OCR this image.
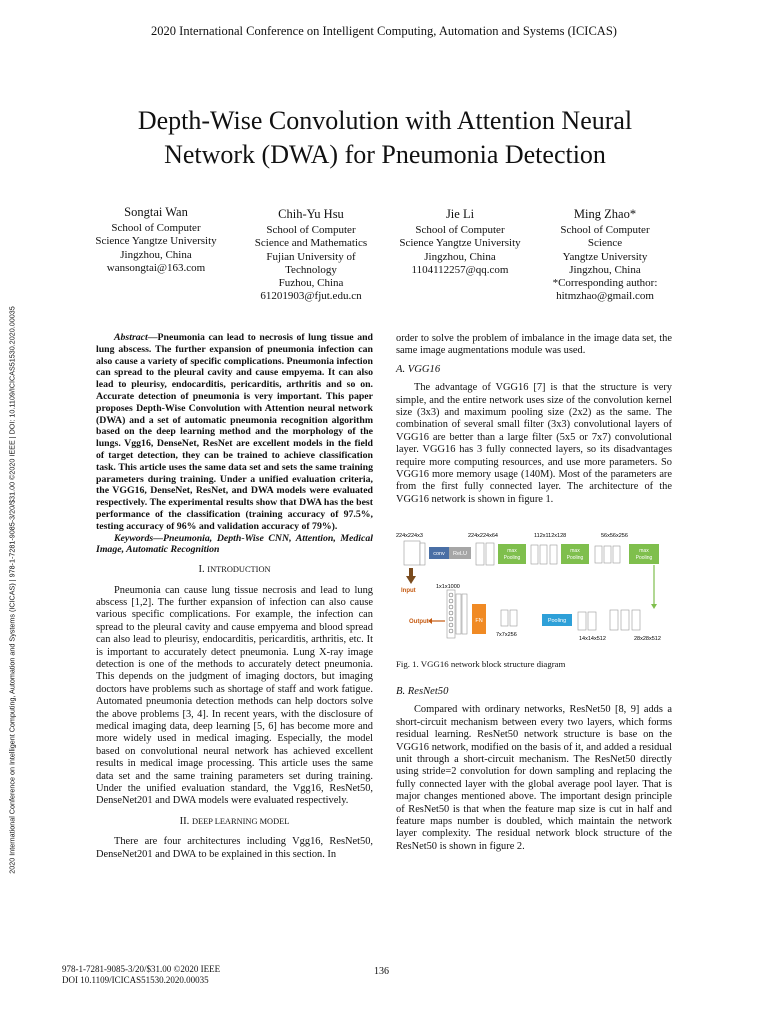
2020 International Conference on Intelligent Computing, Automation and Systems (ICICAS)
Depth-Wise Convolution with Attention Neural
Network (DWA) for Pneumonia Detection
2020 International Conference on Intelligent Computing, Automation and Systems (ICICAS) | 978-1-7281-9085-3/20/$31.00 ©2020 IEEE | DOI: 10.1109/ICICAS51530.2020.00035
Songtai Wan
School of Computer
Science Yangtze University
Jingzhou, China
wansongtai@163.com
Chih-Yu Hsu
School of Computer
Science and Mathematics
Fujian University of
Technology
Fuzhou, China
61201903@fjut.edu.cn
Jie Li
School of Computer
Science Yangtze University
Jingzhou, China
1104112257@qq.com
Ming Zhao*
School of Computer
Science
Yangtze University
Jingzhou, China
*Corresponding author:
hitmzhao@gmail.com

Abstract—Pneumonia can lead to necrosis of lung tissue and lung abscess. The further expansion of pneumonia infection can also cause a variety of specific complications. Pneumonia infection can spread to the pleural cavity and cause empyema. It can also lead to pleurisy, endocarditis, pericarditis, arthritis and so on. Accurate detection of pneumonia is very important. This paper proposes Depth-Wise Convolution with Attention neural network (DWA) and a set of automatic pneumonia recognition algorithm based on the deep learning method and the morphology of the lungs. Vgg16, DenseNet, ResNet are excellent models in the field of target detection, they can be trained to achieve classification task. This article uses the same data set and sets the same training parameters during training. Under a unified evaluation criteria, the VGG16, DenseNet, ResNet, and DWA models were evaluated respectively. The experimental results show that DWA has the best performance of the classification (training accuracy of 97.5%, testing accuracy of 96% and validation accuracy of 79%).

Keywords—Pneumonia, Depth-Wise CNN, Attention, Medical Image, Automatic Recognition

I. INTRODUCTION

Pneumonia can cause lung tissue necrosis and lead to lung abscess [1,2]. The further expansion of infection can also cause various specific complications. For example, the infection can spread to the pleural cavity and cause empyema and blood spread can also lead to pleurisy, endocarditis, pericarditis, arthritis, etc. It is important to accurately detect pneumonia. Lung X-ray image detection is one of the methods to accurately detect pneumonia. This depends on the judgment of imaging doctors, but imaging doctors have problems such as shortage of staff and work fatigue. Automated pneumonia detection methods can help doctors solve the above problems [3, 4]. In recent years, with the disclosure of medical imaging data, deep learning [5, 6] has become more and more widely used in medical imaging. Especially, the model based on convolutional neural network has achieved excellent results in medical image processing. This article uses the same data set and the same training parameters set during training. Under the unified evaluation standard, the Vgg16, ResNet50, DenseNet201 and DWA models were evaluated respectively.

II. DEEP LEARNING MODEL

There are four architectures including Vgg16, ResNet50, DenseNet201 and DWA to be explained in this section. In

order to solve the problem of imbalance in the image data set, the same image augmentations module was used.

A. VGG16

The advantage of VGG16 [7] is that the structure is very simple, and the entire network uses size of the convolution kernel size (3x3) and maximum pooling size (2x2) as the same. The combination of several small filter (3x3) convolutional layers of VGG16 are better than a large filter (5x5 or 7x7) convolutional layer. VGG16 has 3 fully connected layers, so its disadvantages require more computing resources, and use more parameters. So VGG16 more memory usage (140M). Most of the parameters are from the first fully connected layer. The architecture of the VGG16 network is shown in figure 1.

224x224x3	224x224x64	112x112x128	56x56x256
conv ReLU	max
Pooling
max
Pooling
max
Pooling
Input
1x1x1000
Output	FN
7x7x256
Pooling
14x14x512	28x28x512
Fig. 1. VGG16 network block structure diagram
B. ResNet50

Compared with ordinary networks, ResNet50 [8, 9] adds a short-circuit mechanism between every two layers, which forms residual learning. ResNet50 network structure is base on the VGG16 network, modified on the basis of it, and added a residual unit through a short-circuit mechanism. The ResNet50 directly using stride=2 convolution for down sampling and replacing the fully connected layer with the global average pool layer. That is major changes mentioned above. The important design principle of ResNet50 is that when the feature map size is cut in half and feature maps number is doubled, which maintain the network layer complexity. The residual network block structure of the ResNet50 is shown in figure 2.

978-1-7281-9085-3/20/$31.00 ©2020 IEEE
DOI 10.1109/ICICAS51530.2020.00035
136
